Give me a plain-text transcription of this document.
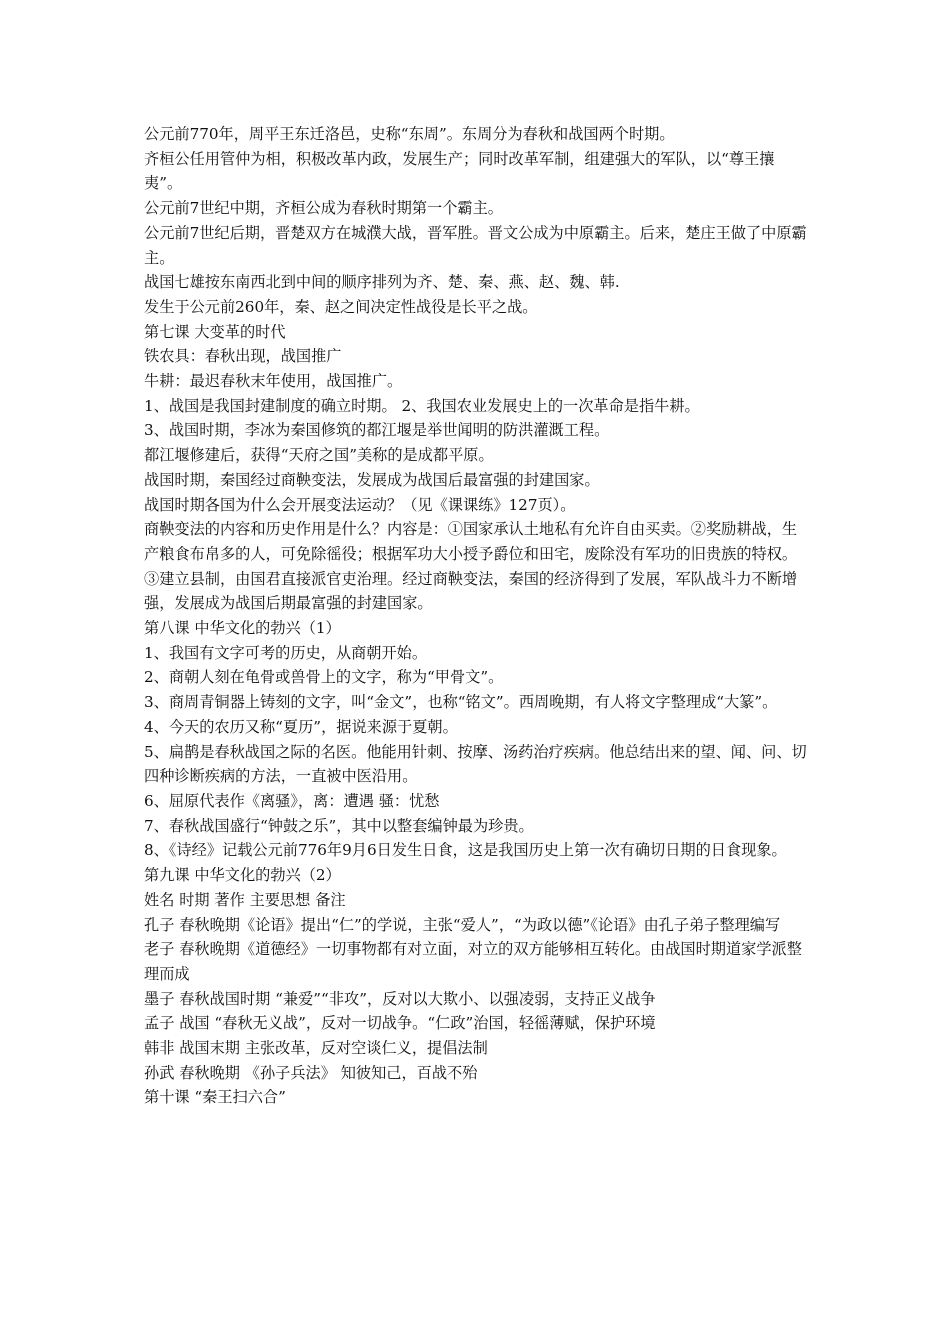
公元前770年，周平王东迁洛邑，史称“东周”。东周分为春秋和战国两个时期。

齐桓公任用管仲为相，积极改革内政，发展生产；同时改革军制，组建强大的军队，以“尊王攘夷”。

公元前7世纪中期，齐桓公成为春秋时期第一个霸主。

公元前7世纪后期，晋楚双方在城濮大战，晋军胜。晋文公成为中原霸主。后来，楚庄王做了中原霸主。

战国七雄按东南西北到中间的顺序排列为齐、楚、秦、燕、赵、魏、韩.

发生于公元前260年，秦、赵之间决定性战役是长平之战。

第七课 大变革的时代

铁农具：春秋出现，战国推广

牛耕：最迟春秋末年使用，战国推广。

1、战国是我国封建制度的确立时期。 2、我国农业发展史上的一次革命是指牛耕。

3、战国时期，李冰为秦国修筑的都江堰是举世闻明的防洪灌溉工程。

都江堰修建后，获得“天府之国”美称的是成都平原。

战国时期，秦国经过商鞅变法，发展成为战国后最富强的封建国家。

战国时期各国为什么会开展变法运动？（见《课课练》127页）。

商鞅变法的内容和历史作用是什么？内容是：①国家承认土地私有允许自由买卖。②奖励耕战，生产粮食布帛多的人，可免除徭役；根据军功大小授予爵位和田宅，废除没有军功的旧贵族的特权。③建立县制，由国君直接派官吏治理。经过商鞅变法，秦国的经济得到了发展，军队战斗力不断增强，发展成为战国后期最富强的封建国家。

第八课 中华文化的勃兴（1）

1、我国有文字可考的历史，从商朝开始。

2、商朝人刻在龟骨或兽骨上的文字，称为“甲骨文”。

3、商周青铜器上铸刻的文字，叫“金文”，也称“铭文”。西周晚期，有人将文字整理成“大篆”。

4、今天的农历又称“夏历”，据说来源于夏朝。

5、扁鹊是春秋战国之际的名医。他能用针刺、按摩、汤药治疗疾病。他总结出来的望、闻、问、切四种诊断疾病的方法，一直被中医沿用。

6、屈原代表作《离骚》，离：遭遇 骚：忧愁

7、春秋战国盛行“钟鼓之乐”，其中以整套编钟最为珍贵。

8、《诗经》记载公元前776年9月6日发生日食，这是我国历史上第一次有确切日期的日食现象。

第九课 中华文化的勃兴（2）

姓名 时期 著作 主要思想 备注

孔子 春秋晚期《论语》提出“仁”的学说，主张“爱人”，“为政以德”《论语》由孔子弟子整理编写

老子 春秋晚期《道德经》一切事物都有对立面，对立的双方能够相互转化。由战国时期道家学派整理而成

墨子 春秋战国时期 “兼爱”“非攻”，反对以大欺小、以强凌弱，支持正义战争

孟子 战国 “春秋无义战”，反对一切战争。“仁政”治国，轻徭薄赋，保护环境

韩非 战国末期 主张改革，反对空谈仁义，提倡法制

孙武 春秋晚期 《孙子兵法》 知彼知己，百战不殆

第十课 “秦王扫六合”
